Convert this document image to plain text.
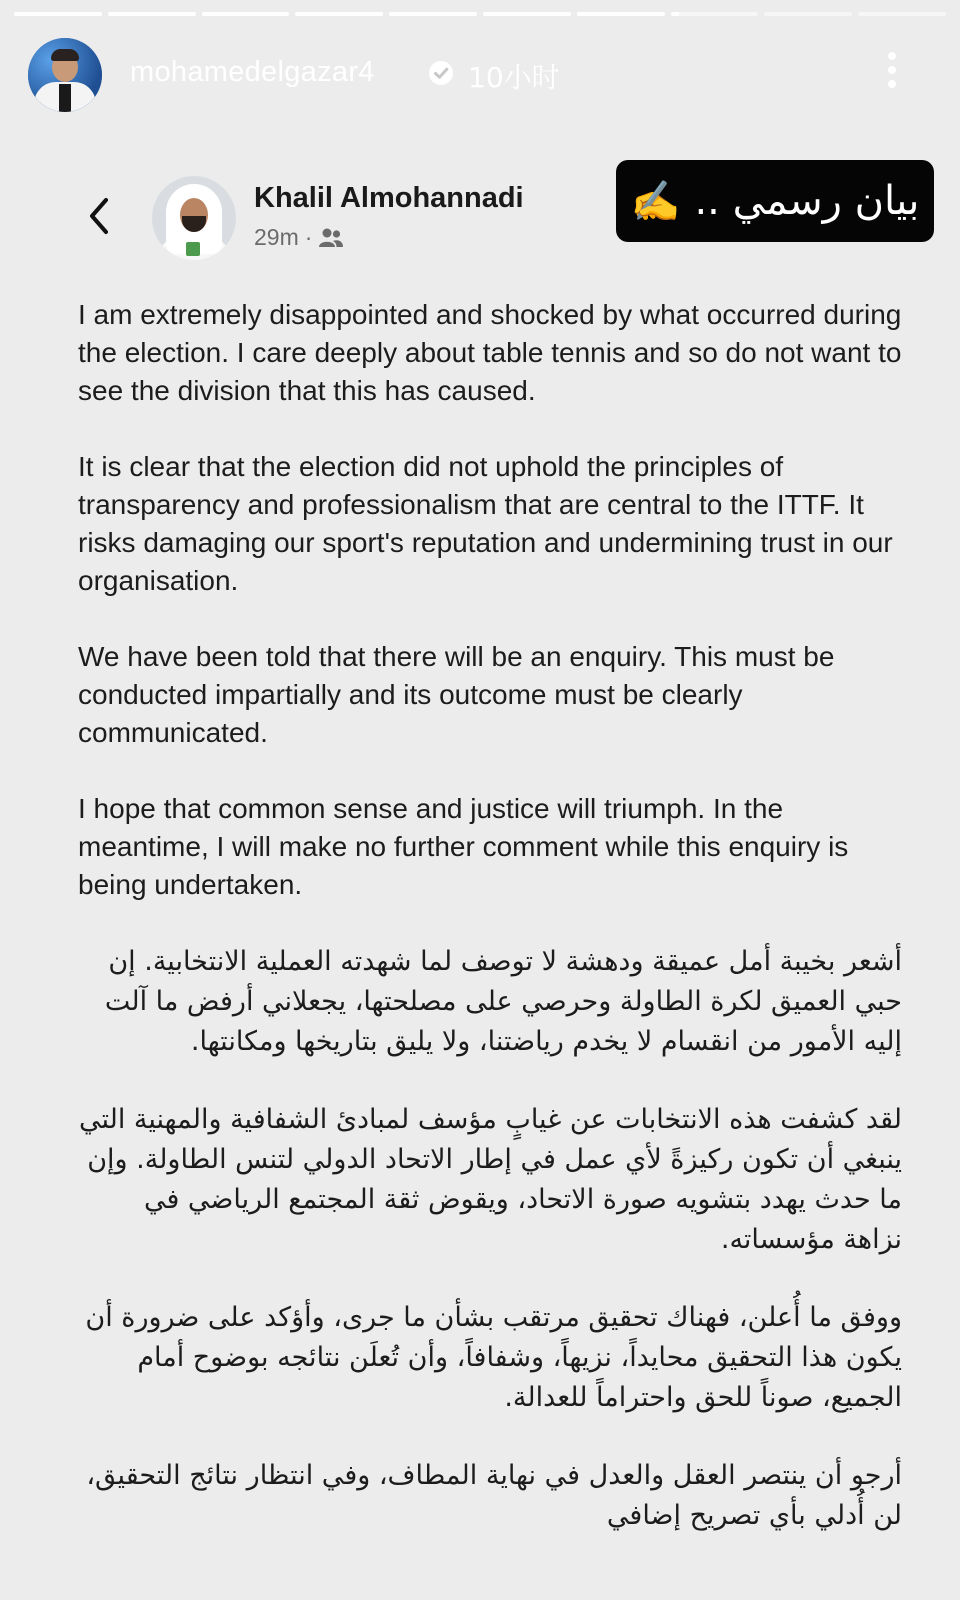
mohamedelgazar4	10小时
Khalil Almohannadi
29m ·
بيان رسمي ..
✍️

I am extremely disappointed and shocked by what occurred during the election. I care deeply about table tennis and so do not want to see the division that this has caused.

It is clear that the election did not uphold the principles of transparency and professionalism that are central to the ITTF. It risks damaging our sport's reputation and undermining trust in our organisation.

We have been told that there will be an enquiry. This must be conducted impartially and its outcome must be clearly communicated.

I hope that common sense and justice will triumph. In the meantime, I will make no further comment while this enquiry is being undertaken.

أشعر بخيبة أمل عميقة ودهشة لا توصف لما شهدته العملية الانتخابية. إن حبي العميق لكرة الطاولة وحرصي على مصلحتها، يجعلاني أرفض ما آلت إليه الأمور من انقسام لا يخدم رياضتنا، ولا يليق بتاريخها ومكانتها.

لقد كشفت هذه الانتخابات عن غيابٍ مؤسف لمبادئ الشفافية والمهنية التي ينبغي أن تكون ركيزةً لأي عمل في إطار الاتحاد الدولي لتنس الطاولة. وإن ما حدث يهدد بتشويه صورة الاتحاد، ويقوض ثقة المجتمع الرياضي في نزاهة مؤسساته.

ووفق ما أُعلن، فهناك تحقيق مرتقب بشأن ما جرى، وأؤكد على ضرورة أن يكون هذا التحقيق محايداً، نزيهاً، وشفافاً، وأن تُعلَن نتائجه بوضوح أمام الجميع، صوناً للحق واحتراماً للعدالة.

أرجو أن ينتصر العقل والعدل في نهاية المطاف، وفي انتظار نتائج التحقيق، لن أُدلي بأي تصريح إضافي
